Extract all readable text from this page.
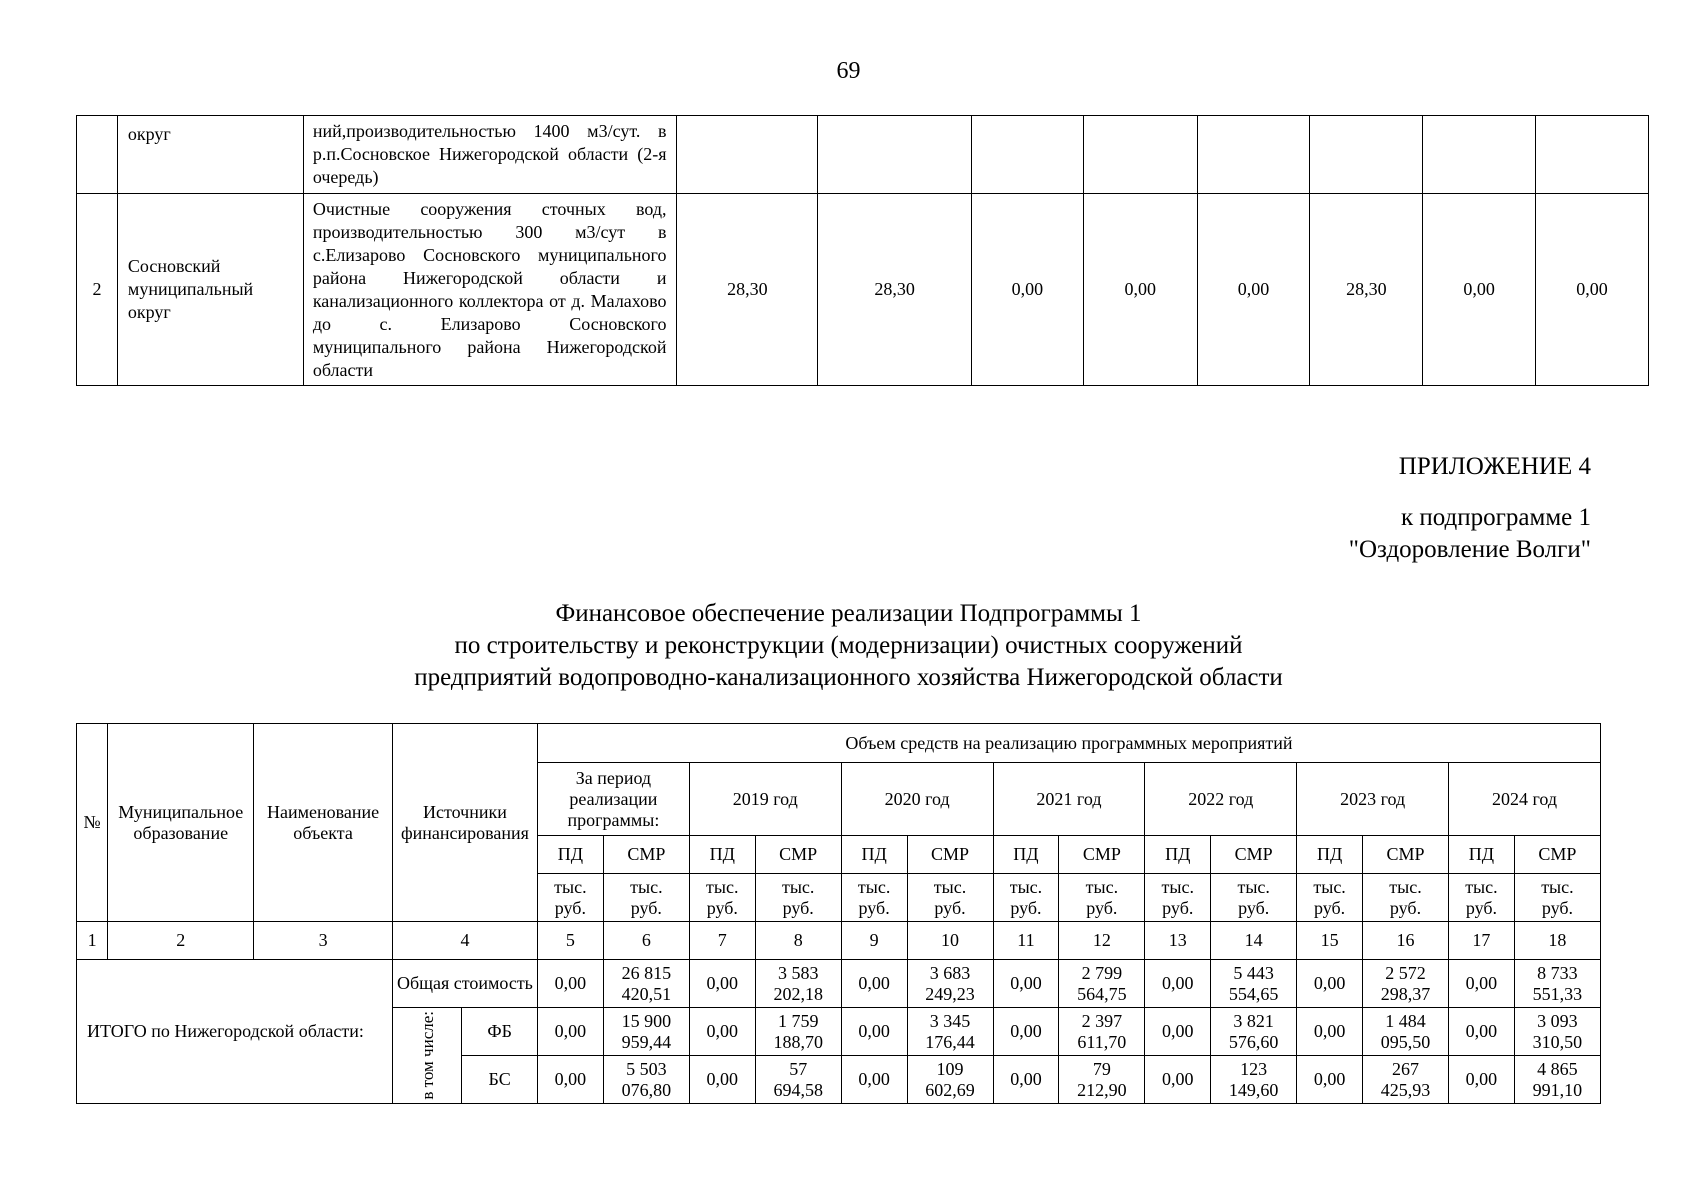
69
	округ	ний,производительностью 1400 м3/сут. в р.п.Сосновское Нижегородской области (2-я очередь)								
2	Сосновский муниципальный округ	Очистные сооружения сточных вод, производительностью 300 м3/сут в с.Елизарово Сосновского муниципального района Нижегородской области и канализационного коллектора от д. Малахово до с. Елизарово Сосновского муниципального района Нижегородской области	28,30	28,30	0,00	0,00	0,00	28,30	0,00	0,00
ПРИЛОЖЕНИЕ 4
к подпрограмме 1
"Оздоровление Волги"
Финансовое обеспечение реализации Подпрограммы 1
по строительству и реконструкции (модернизации) очистных сооружений
предприятий водопроводно-канализационного хозяйства Нижегородской области
№	Муниципальное образование	Наименование объекта	Источники финансирования		Объем средств на реализацию программных мероприятий													
					За период реализации программы:		2019 год		2020 год		2021 год		2022 год		2023 год		2024 год	
					ПД	СМР	ПД	СМР	ПД	СМР	ПД	СМР	ПД	СМР	ПД	СМР	ПД	СМР
					тыс. руб.	тыс. руб.	тыс. руб.	тыс. руб.	тыс. руб.	тыс. руб.	тыс. руб.	тыс. руб.	тыс. руб.	тыс. руб.	тыс. руб.	тыс. руб.	тыс. руб.	тыс. руб.
1	2	3	4		5	6	7	8	9	10	11	12	13	14	15	16	17	18
ИТОГО по Нижегородской области:			Общая стоимость		0,00	26 815 420,51	0,00	3 583 202,18	0,00	3 683 249,23	0,00	2 799 564,75	0,00	5 443 554,65	0,00	2 572 298,37	0,00	8 733 551,33

			в том числе:	ФБ	0,00	15 900 959,44	0,00	1 759 188,70	0,00	3 345 176,44	0,00	2 397 611,70	0,00	3 821 576,60	0,00	1 484 095,50	0,00	3 093 310,50
				БС	0,00	5 503 076,80	0,00	57 694,58	0,00	109 602,69	0,00	79 212,90	0,00	123 149,60	0,00	267 425,93	0,00	4 865 991,10
